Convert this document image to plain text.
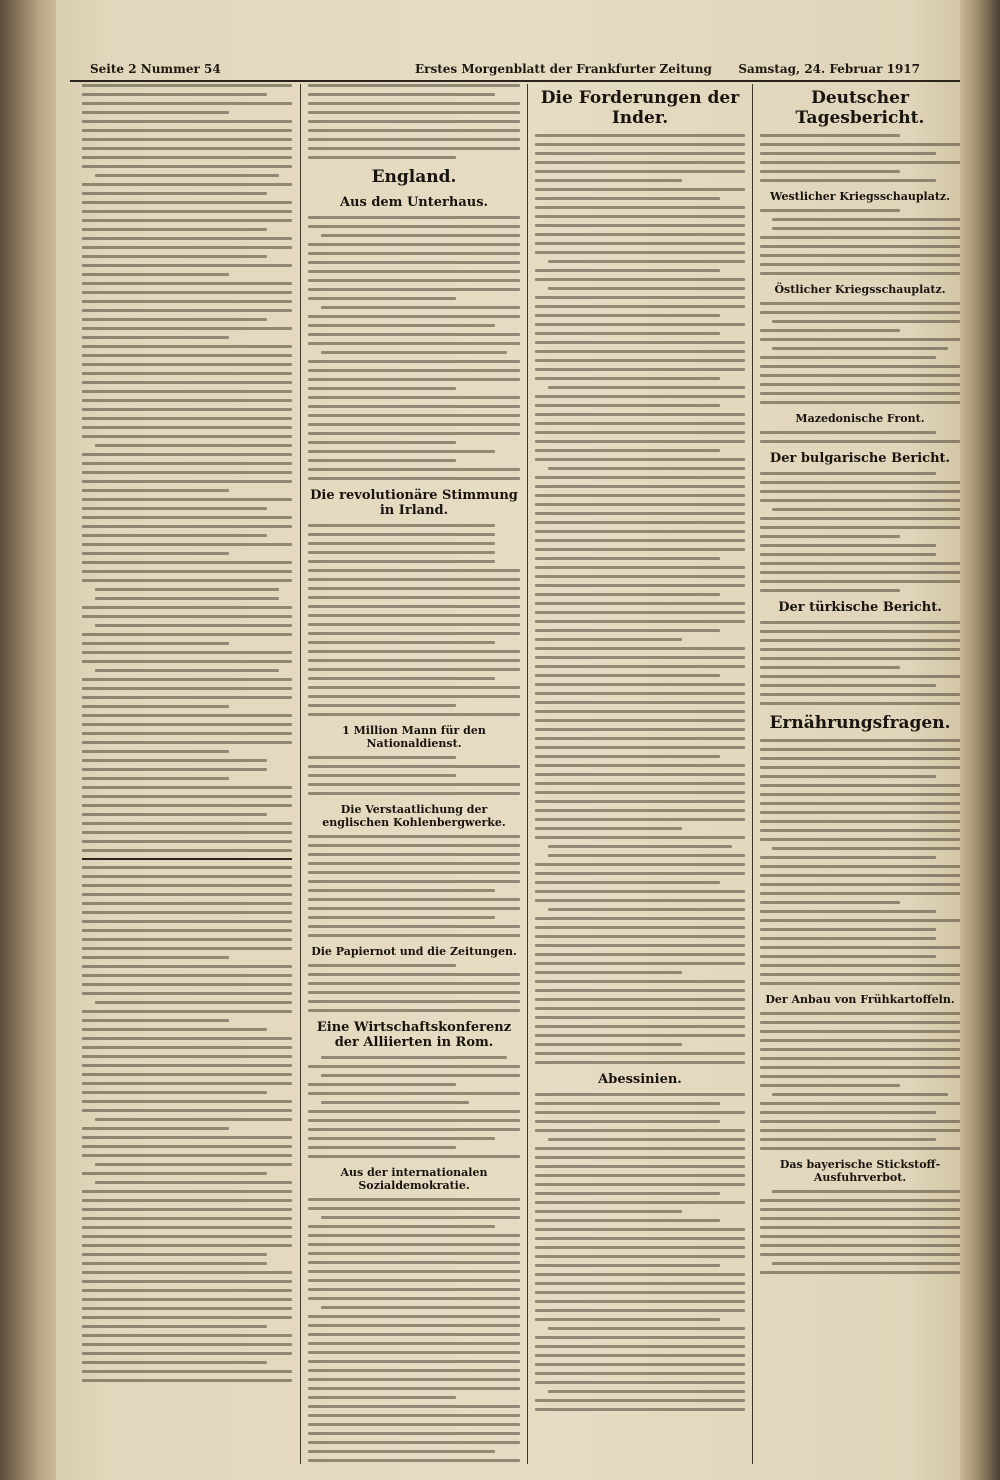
Seite 2 Nummer 54	Erstes Morgenblatt der Frankfurter Zeitung Samstag, 24. Februar 1917
England.
Aus dem Unterhaus.
Die revolutionäre Stimmung in Irland.
1 Million Mann für den Nationaldienst.
Die Verstaatlichung der englischen Kohlenbergwerke.
Die Papiernot und die Zeitungen.
Eine Wirtschaftskonferenz der Alliierten in Rom.
Aus der internationalen Sozialdemokratie.
Die Forderungen der Inder.
Abessinien.
Deutscher Tagesbericht.
Westlicher Kriegsschauplatz.
Östlicher Kriegsschauplatz.
Mazedonische Front.
Der bulgarische Bericht.
Der türkische Bericht.
Ernährungsfragen.
Der Anbau von Frühkartoffeln.
Das bayerische Stickstoff-Ausfuhrverbot.
